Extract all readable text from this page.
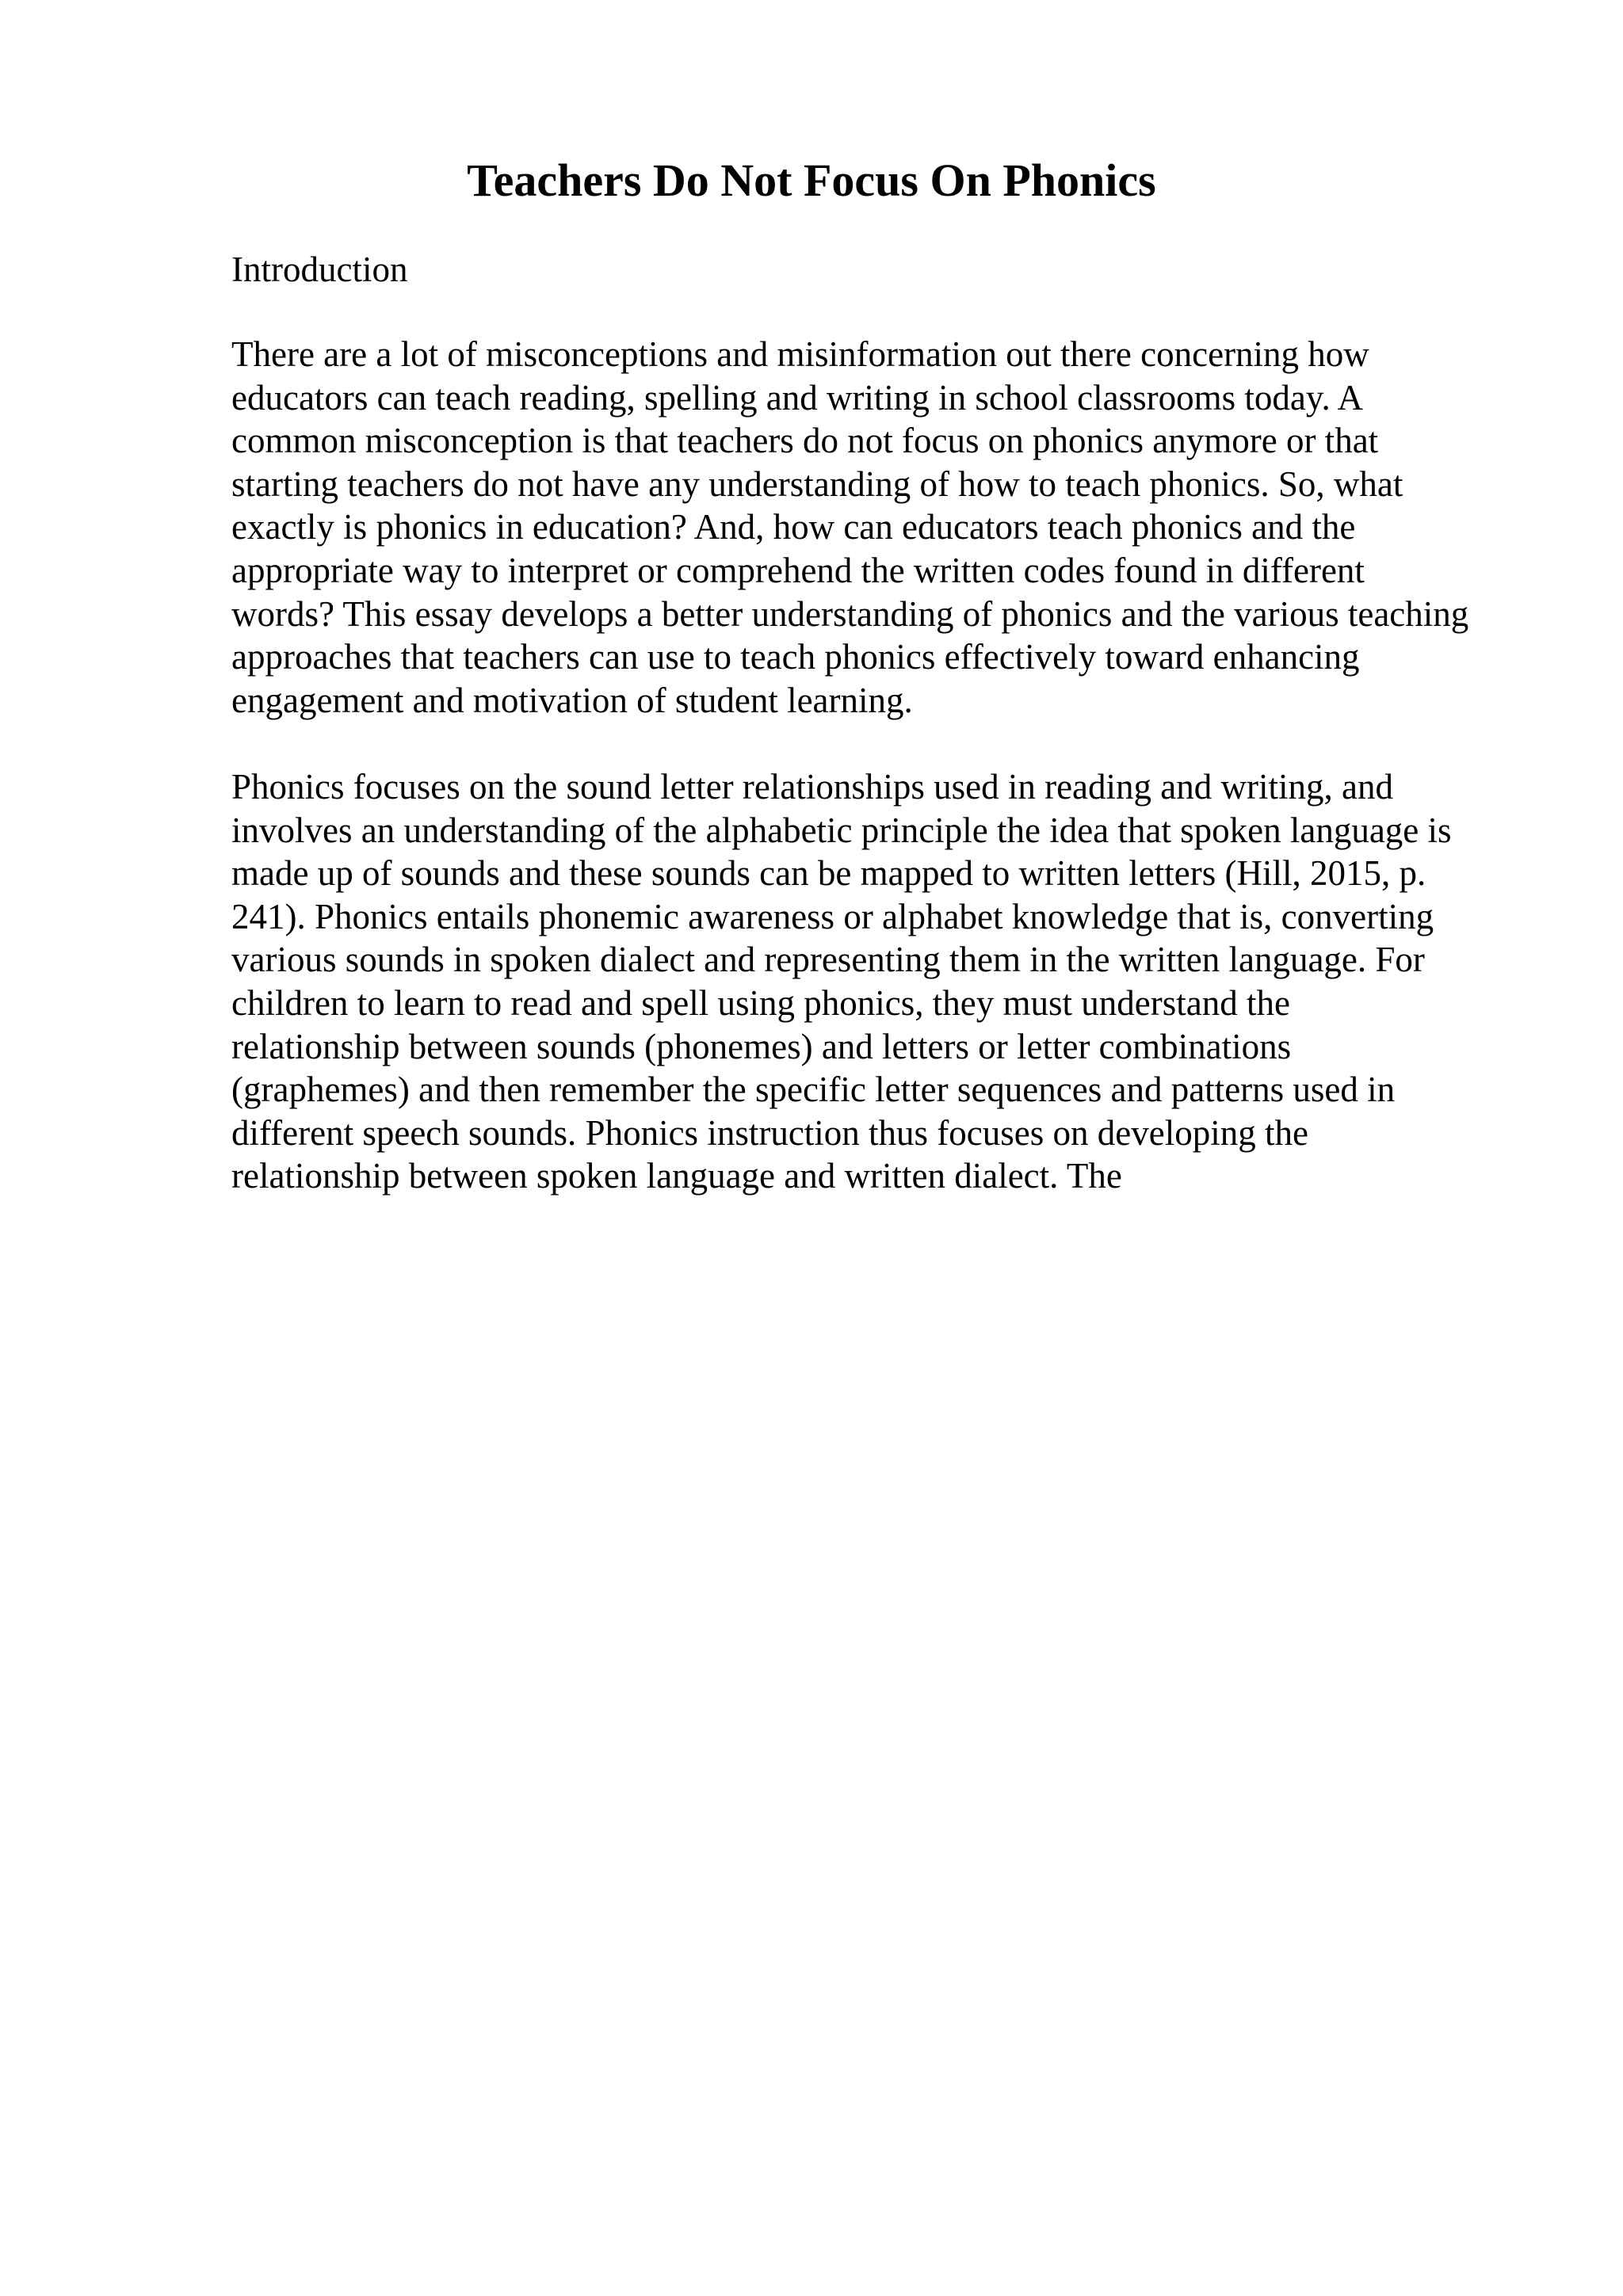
Teachers Do Not Focus On Phonics

Introduction

There are a lot of misconceptions and misinformation out there concerning how
educators can teach reading, spelling and writing in school classrooms today. A
common misconception is that teachers do not focus on phonics anymore or that
starting teachers do not have any understanding of how to teach phonics. So, what
exactly is phonics in education? And, how can educators teach phonics and the
appropriate way to interpret or comprehend the written codes found in different
words? This essay develops a better understanding of phonics and the various teaching
approaches that teachers can use to teach phonics effectively toward enhancing
engagement and motivation of student learning.

Phonics focuses on the sound letter relationships used in reading and writing, and
involves an understanding of the alphabetic principle the idea that spoken language is
made up of sounds and these sounds can be mapped to written letters (Hill, 2015, p.
241). Phonics entails phonemic awareness or alphabet knowledge that is, converting
various sounds in spoken dialect and representing them in the written language. For
children to learn to read and spell using phonics, they must understand the
relationship between sounds (phonemes) and letters or letter combinations
(graphemes) and then remember the specific letter sequences and patterns used in
different speech sounds. Phonics instruction thus focuses on developing the
relationship between spoken language and written dialect. The
